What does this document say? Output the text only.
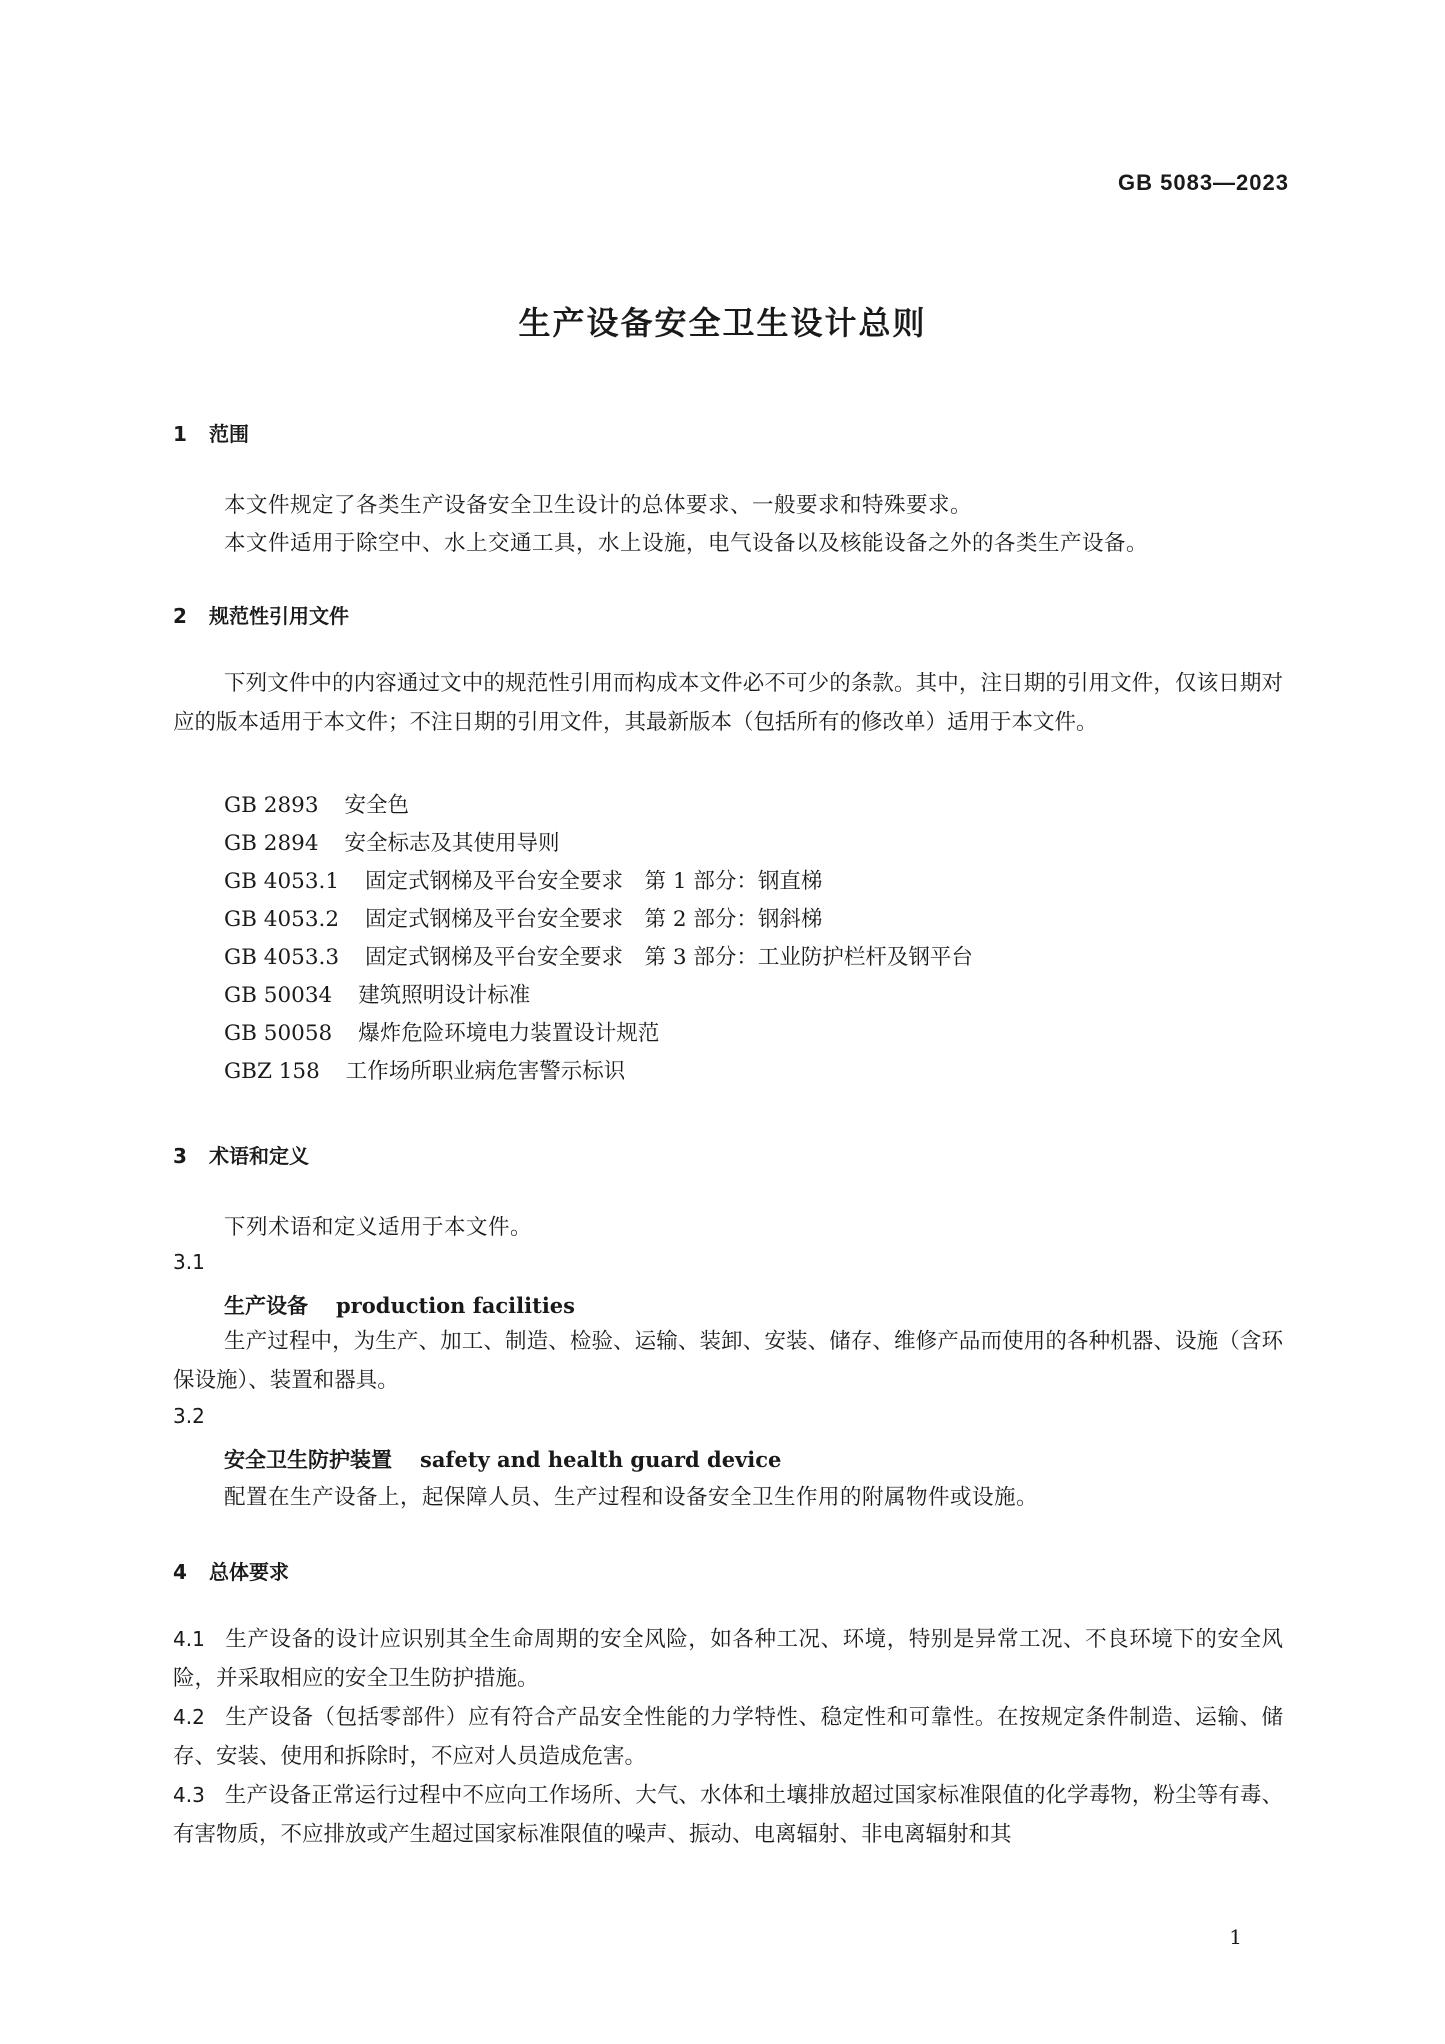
GB 5083—2023
生产设备安全卫生设计总则
1 范围

本文件规定了各类生产设备安全卫生设计的总体要求、一般要求和特殊要求。

本文件适用于除空中、水上交通工具，水上设施，电气设备以及核能设备之外的各类生产设备。

2 规范性引用文件

下列文件中的内容通过文中的规范性引用而构成本文件必不可少的条款。其中，注日期的引用文件，仅该日期对应的版本适用于本文件；不注日期的引用文件，其最新版本（包括所有的修改单）适用于本文件。

GB 2893 安全色
GB 2894 安全标志及其使用导则
GB 4053.1 固定式钢梯及平台安全要求　第 1 部分：钢直梯
GB 4053.2 固定式钢梯及平台安全要求　第 2 部分：钢斜梯
GB 4053.3 固定式钢梯及平台安全要求　第 3 部分：工业防护栏杆及钢平台
GB 50034 建筑照明设计标准
GB 50058 爆炸危险环境电力装置设计规范
GBZ 158 工作场所职业病危害警示标识
3 术语和定义

下列术语和定义适用于本文件。

3.1
生产设备 production facilities

生产过程中，为生产、加工、制造、检验、运输、装卸、安装、储存、维修产品而使用的各种机器、设施（含环保设施）、装置和器具。

3.2
安全卫生防护装置 safety and health guard device

配置在生产设备上，起保障人员、生产过程和设备安全卫生作用的附属物件或设施。

4 总体要求

4.1 生产设备的设计应识别其全生命周期的安全风险，如各种工况、环境，特别是异常工况、不良环境下的安全风险，并采取相应的安全卫生防护措施。

4.2 生产设备（包括零部件）应有符合产品安全性能的力学特性、稳定性和可靠性。在按规定条件制造、运输、储存、安装、使用和拆除时，不应对人员造成危害。

4.3 生产设备正常运行过程中不应向工作场所、大气、水体和土壤排放超过国家标准限值的化学毒物，粉尘等有毒、有害物质，不应排放或产生超过国家标准限值的噪声、振动、电离辐射、非电离辐射和其

1
